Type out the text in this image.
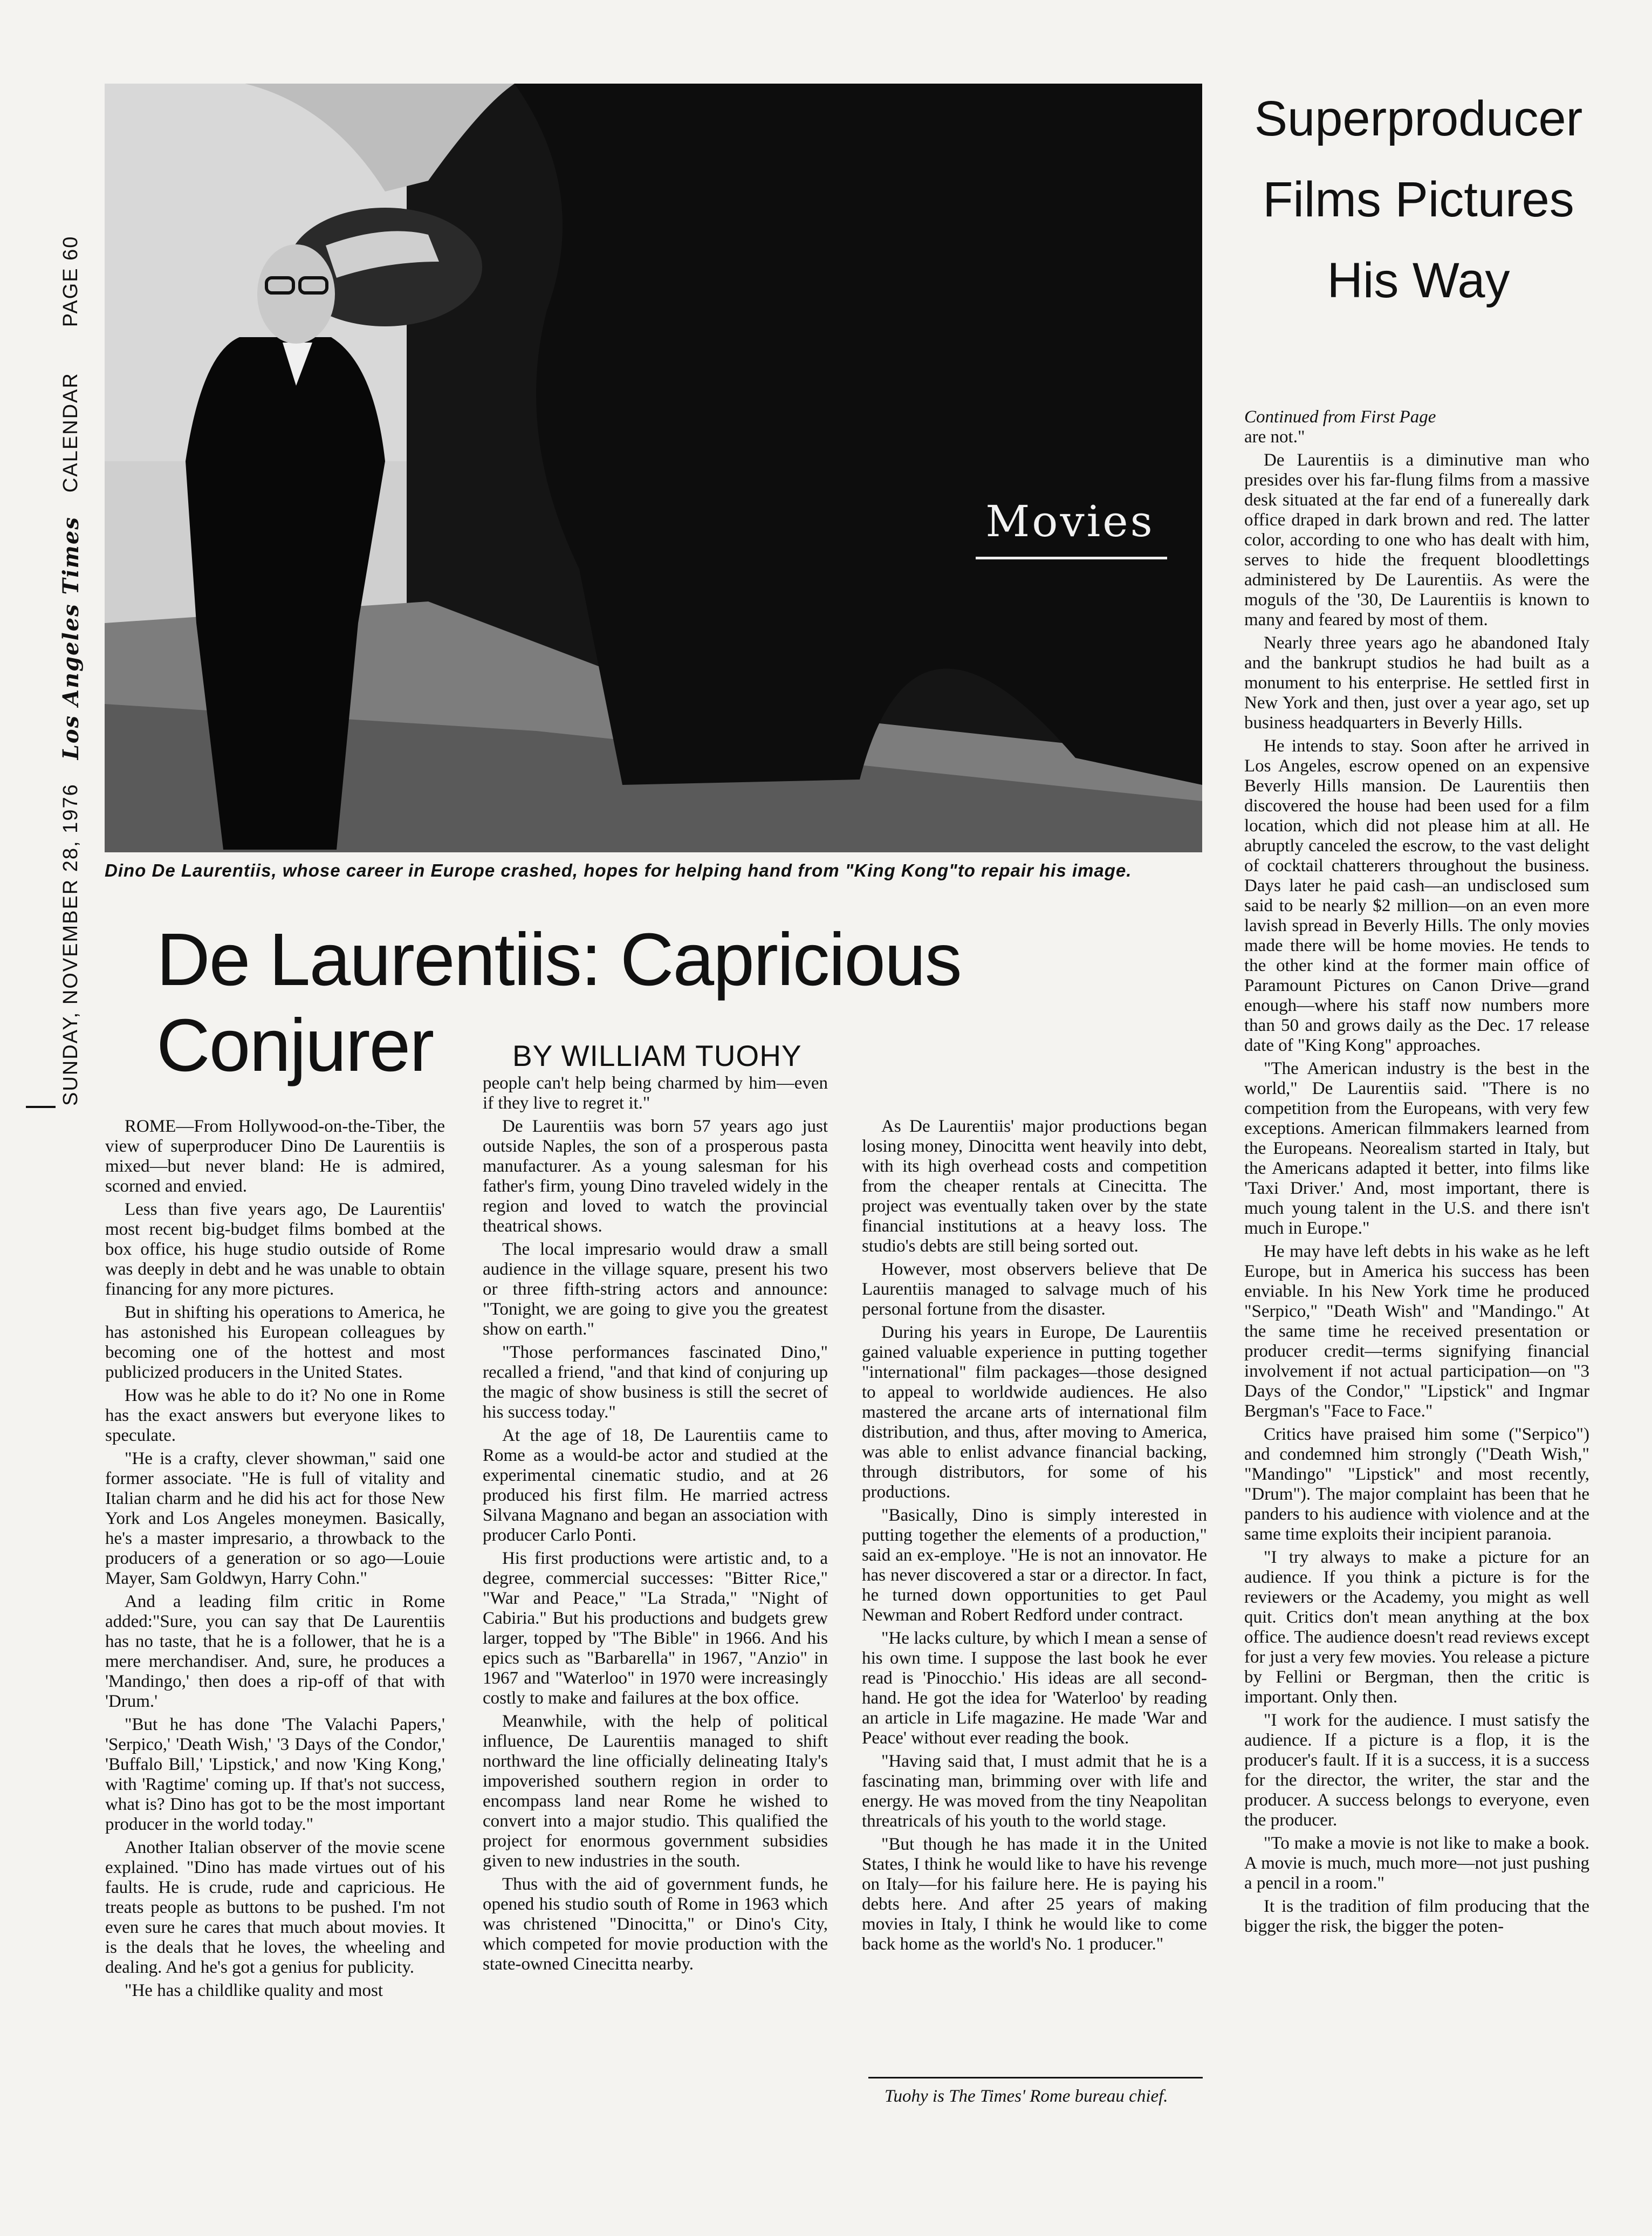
SUNDAY, NOVEMBER 28, 1976
Los Angeles Times
CALENDAR
PAGE 60
Movies
Dino De Laurentiis, whose career in Europe crashed, hopes for helping hand from "King Kong"to repair his image.
De Laurentiis: Capricious Conjurer	BY WILLIAM TUOHY
Superproducer
Films Pictures
His Way

ROME—From Hollywood-on-the-Tiber, the view of superproducer Dino De Laurentiis is mixed—but never bland: He is admired, scorned and envied.

Less than five years ago, De Laurentiis' most recent big-budget films bombed at the box office, his huge studio outside of Rome was deeply in debt and he was unable to obtain financing for any more pictures.

But in shifting his operations to America, he has astonished his European colleagues by becoming one of the hottest and most publicized producers in the United States.

How was he able to do it? No one in Rome has the exact answers but everyone likes to speculate.

"He is a crafty, clever showman," said one former associate. "He is full of vitality and Italian charm and he did his act for those New York and Los Angeles moneymen. Basically, he's a master impresario, a throwback to the producers of a generation or so ago—Louie Mayer, Sam Goldwyn, Harry Cohn."

And a leading film critic in Rome added:"Sure, you can say that De Laurentiis has no taste, that he is a follower, that he is a mere merchandiser. And, sure, he produces a 'Mandingo,' then does a rip-off of that with 'Drum.'

"But he has done 'The Valachi Papers,' 'Serpico,' 'Death Wish,' '3 Days of the Condor,' 'Buffalo Bill,' 'Lipstick,' and now 'King Kong,' with 'Ragtime' coming up. If that's not success, what is? Dino has got to be the most important producer in the world today."

Another Italian observer of the movie scene explained. "Dino has made virtues out of his faults. He is crude, rude and capricious. He treats people as buttons to be pushed. I'm not even sure he cares that much about movies. It is the deals that he loves, the wheeling and dealing. And he's got a genius for publicity.

"He has a childlike quality and most

people can't help being charmed by him—even if they live to regret it."

De Laurentiis was born 57 years ago just outside Naples, the son of a prosperous pasta manufacturer. As a young salesman for his father's firm, young Dino traveled widely in the region and loved to watch the provincial theatrical shows.

The local impresario would draw a small audience in the village square, present his two or three fifth-string actors and announce: "Tonight, we are going to give you the greatest show on earth."

"Those performances fascinated Dino," recalled a friend, "and that kind of conjuring up the magic of show business is still the secret of his success today."

At the age of 18, De Laurentiis came to Rome as a would-be actor and studied at the experimental cinematic studio, and at 26 produced his first film. He married actress Silvana Magnano and began an association with producer Carlo Ponti.

His first productions were artistic and, to a degree, commercial successes: "Bitter Rice," "War and Peace," "La Strada," "Night of Cabiria." But his productions and budgets grew larger, topped by "The Bible" in 1966. And his epics such as "Barbarella" in 1967, "Anzio" in 1967 and "Waterloo" in 1970 were increasingly costly to make and failures at the box office.

Meanwhile, with the help of political influence, De Laurentiis managed to shift northward the line officially delineating Italy's impoverished southern region in order to encompass land near Rome he wished to convert into a major studio. This qualified the project for enormous government subsidies given to new industries in the south.

Thus with the aid of government funds, he opened his studio south of Rome in 1963 which was christened "Dinocitta," or Dino's City, which competed for movie production with the state-owned Cinecitta nearby.

As De Laurentiis' major productions began losing money, Dinocitta went heavily into debt, with its high overhead costs and competition from the cheaper rentals at Cinecitta. The project was eventually taken over by the state financial institutions at a heavy loss. The studio's debts are still being sorted out.

However, most observers believe that De Laurentiis managed to salvage much of his personal fortune from the disaster.

During his years in Europe, De Laurentiis gained valuable experience in putting together "international" film packages—those designed to appeal to worldwide audiences. He also mastered the arcane arts of international film distribution, and thus, after moving to America, was able to enlist advance financial backing, through distributors, for some of his productions.

"Basically, Dino is simply interested in putting together the elements of a production," said an ex-employe. "He is not an innovator. He has never discovered a star or a director. In fact, he turned down opportunities to get Paul Newman and Robert Redford under contract.

"He lacks culture, by which I mean a sense of his own time. I suppose the last book he ever read is 'Pinocchio.' His ideas are all second-hand. He got the idea for 'Waterloo' by reading an article in Life magazine. He made 'War and Peace' without ever reading the book.

"Having said that, I must admit that he is a fascinating man, brimming over with life and energy. He was moved from the tiny Neapolitan threatricals of his youth to the world stage.

"But though he has made it in the United States, I think he would like to have his revenge on Italy—for his failure here. He is paying his debts here. And after 25 years of making movies in Italy, I think he would like to come back home as the world's No. 1 producer."

Tuohy is The Times' Rome bureau chief.

Continued from First Page

are not."

De Laurentiis is a diminutive man who presides over his far-flung films from a massive desk situated at the far end of a funereally dark office draped in dark brown and red. The latter color, according to one who has dealt with him, serves to hide the frequent bloodlettings administered by De Laurentiis. As were the moguls of the '30, De Laurentiis is known to many and feared by most of them.

Nearly three years ago he abandoned Italy and the bankrupt studios he had built as a monument to his enterprise. He settled first in New York and then, just over a year ago, set up business headquarters in Beverly Hills.

He intends to stay. Soon after he arrived in Los Angeles, escrow opened on an expensive Beverly Hills mansion. De Laurentiis then discovered the house had been used for a film location, which did not please him at all. He abruptly canceled the escrow, to the vast delight of cocktail chatterers throughout the business. Days later he paid cash—an undisclosed sum said to be nearly $2 million—on an even more lavish spread in Beverly Hills. The only movies made there will be home movies. He tends to the other kind at the former main office of Paramount Pictures on Canon Drive—grand enough—where his staff now numbers more than 50 and grows daily as the Dec. 17 release date of "King Kong" approaches.

"The American industry is the best in the world," De Laurentiis said. "There is no competition from the Europeans, with very few exceptions. American filmmakers learned from the Europeans. Neorealism started in Italy, but the Americans adapted it better, into films like 'Taxi Driver.' And, most important, there is much young talent in the U.S. and there isn't much in Europe."

He may have left debts in his wake as he left Europe, but in America his success has been enviable. In his New York time he produced "Serpico," "Death Wish" and "Mandingo." At the same time he received presentation or producer credit—terms signifying financial involvement if not actual participation—on "3 Days of the Condor," "Lipstick" and Ingmar Bergman's "Face to Face."

Critics have praised him some ("Serpico") and condemned him strongly ("Death Wish," "Mandingo" "Lipstick" and most recently, "Drum"). The major complaint has been that he panders to his audience with violence and at the same time exploits their incipient paranoia.

"I try always to make a picture for an audience. If you think a picture is for the reviewers or the Academy, you might as well quit. Critics don't mean anything at the box office. The audience doesn't read reviews except for just a very few movies. You release a picture by Fellini or Bergman, then the critic is important. Only then.

"I work for the audience. I must satisfy the audience. If a picture is a flop, it is the producer's fault. If it is a success, it is a success for the director, the writer, the star and the producer. A success belongs to everyone, even the producer.

"To make a movie is not like to make a book. A movie is much, much more—not just pushing a pencil in a room."

It is the tradition of film producing that the bigger the risk, the bigger the poten-
